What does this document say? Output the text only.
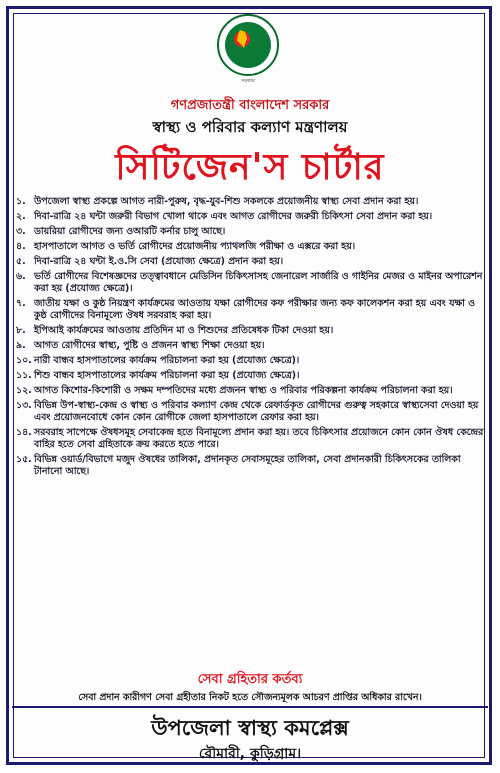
সরকার
গণপ্রজাতন্ত্রী বাংলাদেশ সরকার
স্বাস্থ্য ও পরিবার কল্যাণ মন্ত্রণালয়
সিটিজেন'স চার্টার
১. উপজেলা স্বাস্থ্য প্রকল্পে আগত নারী-পুরুষ, বৃদ্ধ-যুব-শিশু সকলকে প্রয়োজনীয় স্বাস্থ্য সেবা প্রদান করা হয়।
২. দিবা-রাত্রি ২৪ ঘন্টা জরুরী বিভাগ খোলা থাকে এবং আগত রোগীদের জরুরী চিকিৎসা সেবা প্রদান করা হয়।
৩. ডায়রিয়া রোগীদের জন্য ওআরটি কর্নার চালু আছে।
৪. হাসপাতালে আগত ও ভর্তি রোগীদের প্রয়োজনীয় প্যাথলজি পরীক্ষা ও এক্সরে করা হয়।
৫. দিবা-রাত্রি ২৪ ঘন্টা ই.ও.সি সেবা (প্রযোজ্য ক্ষেত্রে) প্রদান করা হয়।
৬. ভর্তি রোগীদের বিশেষজ্ঞদের তত্ত্বাবধানে মেডিসিন চিকিৎসাসহ জেনারেল সার্জারি ও গাইনির মেজর ও মাইনর অপারেশন করা হয় (প্রযোজ্য ক্ষেত্রে)।
৭. জাতীয় যক্ষা ও কুষ্ঠ নিয়ন্ত্রণ কার্যক্রমের আওতায় যক্ষা রোগীদের কফ পরীক্ষার জন্য কফ কালেকশন করা হয় এবং যক্ষা ও কুষ্ঠ রোগীদের বিনামূল্যে ঔষধ সরবরাহ করা হয়।
৮. ইপিআই কার্যক্রমের আওতায় প্রতিদিন মা ও শিশুদের প্রতিষেধক টিকা দেওয়া হয়।
৯. আগত রোগীদের স্বাস্থ্য, পুষ্টি ও প্রজনন স্বাস্থ্য শিক্ষা দেওয়া হয়।
১০. নারী বান্ধব হাসপাতালের কার্যক্রম পরিচালনা করা হয় (প্রযোজ্য ক্ষেত্রে)।
১১. শিশু বান্ধব হাসপাতালের কার্যক্রম পরিচালনা করা হয় (প্রযোজ্য ক্ষেত্রে)।
১২. আগত কিশোর-কিশোরী ও সক্ষম দম্পতিদের মধ্যে প্রজনন স্বাস্থ্য ও পরিবার পরিকল্পনা কার্যক্রম পরিচালনা করা হয়।
১৩. বিভিন্ন উপ-স্বাস্থ্য-কেন্দ্র ও স্বাস্থ্য ও পরিবার কল্যাণ কেন্দ্র থেকে রেফার্ডকৃত রোগীদের গুরুত্ব সহকারে স্বাস্থ্যসেবা দেওয়া হয় এবং প্রয়োজনবোধে কোন কোন রোগীকে জেলা হাসপাতালে রেফার করা হয়।
১৪. সরবরাহ সাপেক্ষে ঔষধসমূহ সেবাকেন্দ্র হতে বিনামূল্যে প্রদান করা হয়। তবে চিকিৎসার প্রয়োজনে কোন কোন ঔষধ কেন্দ্রের বাহির হতে সেবা গ্রহিতাকে ক্রয় করতে হতে পারে।
১৫. বিভিন্ন ওয়ার্ড/বিভাগে মজুদ ঔষধের তালিকা, প্রদানকৃত সেবাসমূহের তালিকা, সেবা প্রদানকারী চিকিৎসকের তালিকা টানানো আছে।
সেবা গ্রহিতার কর্তব্য
সেবা প্রদান কারীগণ সেবা গ্রহীতার নিকট হতে সৌজন্যমূলক আচরণ প্রাপ্তির অধিকার রাখেন।
উপজেলা স্বাস্থ্য কমপ্লেক্স
রৌমারী, কুড়িগ্রাম।
